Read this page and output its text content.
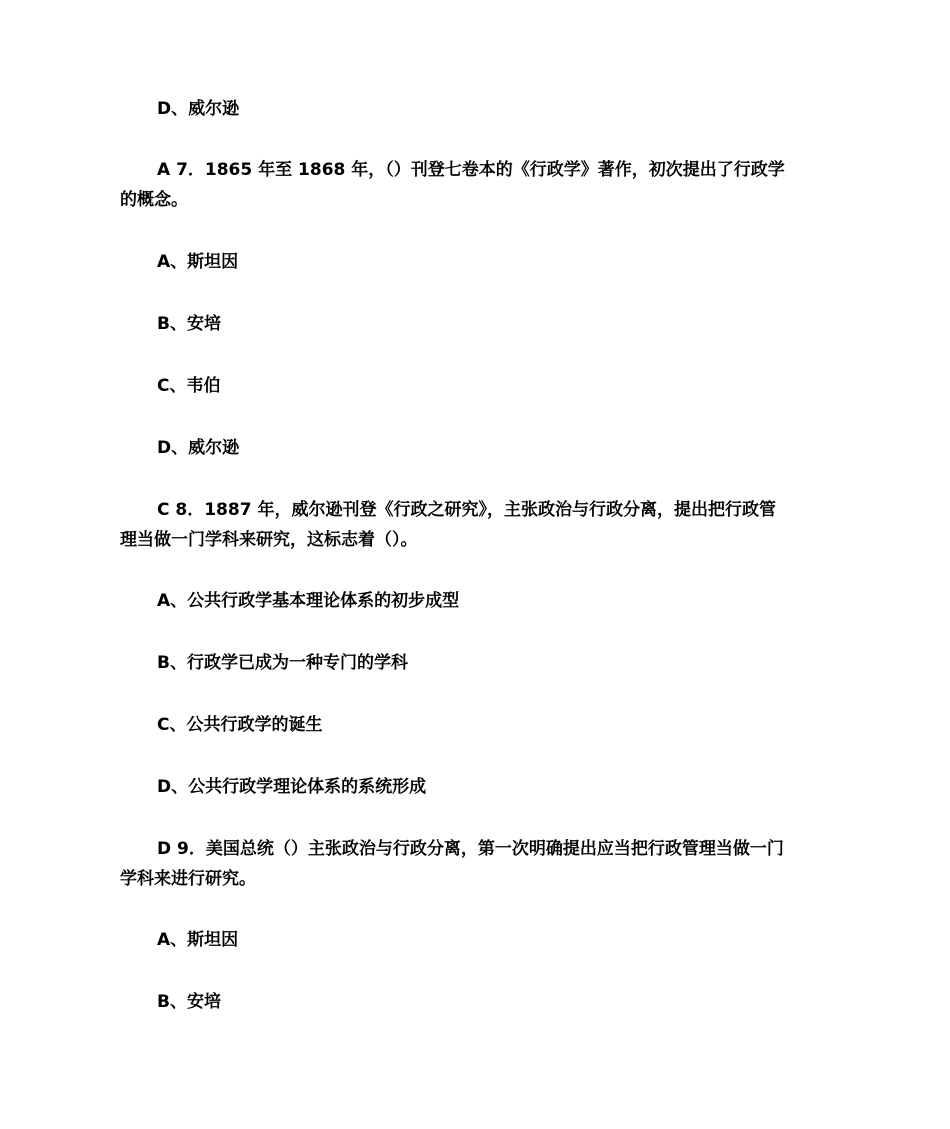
D、威尔逊

A 7．1865 年至 1868 年，（）刊登七卷本的《行政学》著作，初次提出了行政学

的概念。

A、斯坦因

B、安培

C、韦伯

D、威尔逊

C 8．1887 年，威尔逊刊登《行政之研究》，主张政治与行政分离，提出把行政管

理当做一门学科来研究，这标志着（）。

A、公共行政学基本理论体系的初步成型

B、行政学已成为一种专门的学科

C、公共行政学的诞生

D、公共行政学理论体系的系统形成

D 9．美国总统（）主张政治与行政分离，第一次明确提出应当把行政管理当做一门

学科来进行研究。

A、斯坦因

B、安培
